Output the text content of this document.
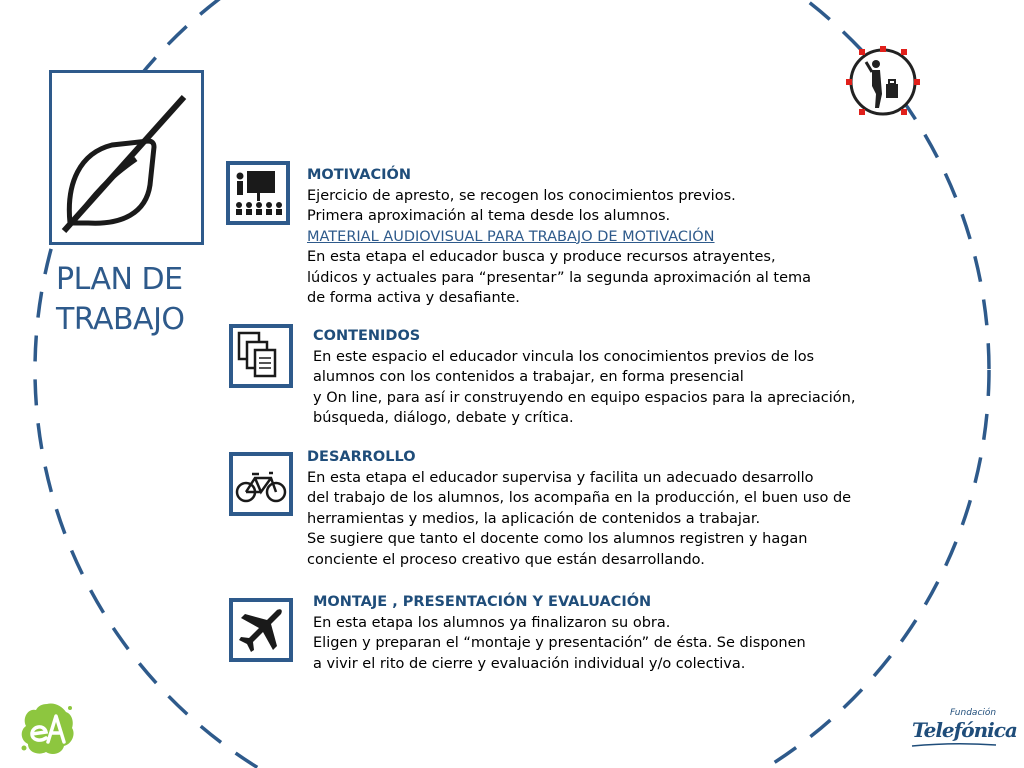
PLAN DE
TRABAJO
MOTIVACIÓN
Ejercicio de apresto, se recogen los conocimientos previos.
Primera aproximación al tema desde los alumnos.
MATERIAL AUDIOVISUAL PARA TRABAJO DE MOTIVACIÓN
En esta etapa el educador busca y produce recursos atrayentes,
lúdicos y actuales para “presentar” la segunda aproximación al tema
de forma activa y desafiante.
CONTENIDOS
En este espacio el educador vincula los conocimientos previos de los
alumnos con los contenidos a trabajar, en forma presencial
y On line, para así ir construyendo en equipo espacios para la apreciación,
búsqueda, diálogo, debate y crítica.
DESARROLLO
En esta etapa el educador supervisa y facilita un adecuado desarrollo
del trabajo de los alumnos, los acompaña en la producción, el buen uso de
herramientas y medios, la aplicación de contenidos a trabajar.
Se sugiere que tanto el docente como los alumnos registren y hagan
conciente el proceso creativo que están desarrollando.
MONTAJE , PRESENTACIÓN Y EVALUACIÓN
En esta etapa los alumnos ya finalizaron su obra.
Eligen y preparan el “montaje y presentación” de ésta. Se disponen
a vivir el rito de cierre y evaluación individual y/o colectiva.
Fundación
Telefónica
